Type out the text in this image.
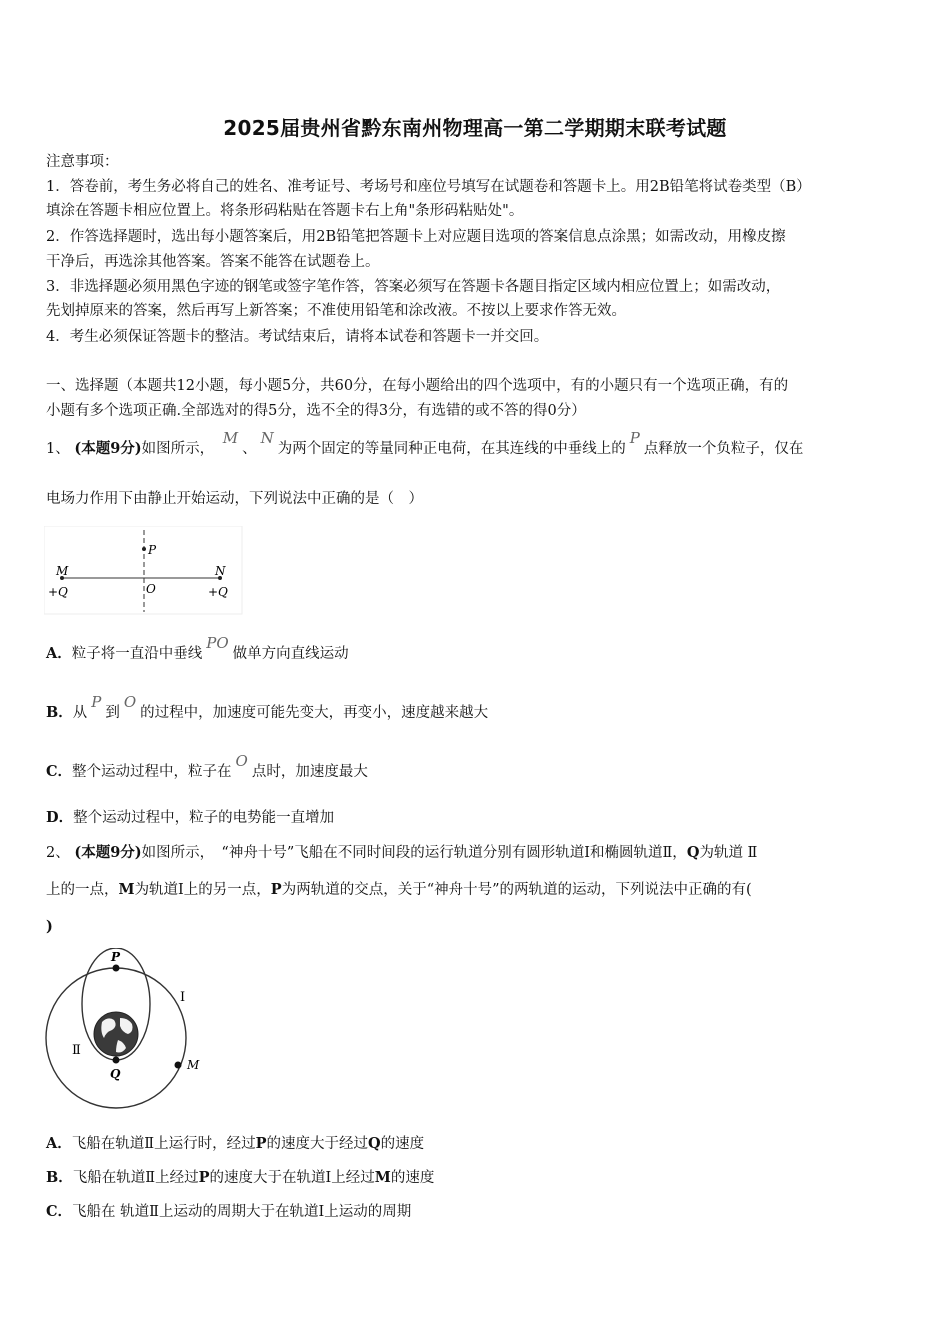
2025届贵州省黔东南州物理高一第二学期期末联考试题
注意事项：
1．答卷前，考生务必将自己的姓名、准考证号、考场号和座位号填写在试题卷和答题卡上。用2B铅笔将试卷类型（B）
填涂在答题卡相应位置上。将条形码粘贴在答题卡右上角"条形码粘贴处"。
2．作答选择题时，选出每小题答案后，用2B铅笔把答题卡上对应题目选项的答案信息点涂黑；如需改动，用橡皮擦
干净后，再选涂其他答案。答案不能答在试题卷上。
3．非选择题必须用黑色字迹的钢笔或签字笔作答，答案必须写在答题卡各题目指定区域内相应位置上；如需改动，
先划掉原来的答案，然后再写上新答案；不准使用铅笔和涂改液。不按以上要求作答无效。
4．考生必须保证答题卡的整洁。考试结束后，请将本试卷和答题卡一并交回。
一、选择题（本题共12小题，每小题5分，共60分，在每小题给出的四个选项中，有的小题只有一个选项正确，有的
小题有多个选项正确.全部选对的得5分，选不全的得3分，有选错的或不答的得0分）
1、 (本题9分)如图所示， M、N为两个固定的等量同种正电荷，在其连线的中垂线上的P点释放一个负粒子，仅在
电场力作用下由静止开始运动，下列说法中正确的是（　）
M	N
P
O
+Q	+Q
A．粒子将一直沿中垂线PO做单方向直线运动
B．从P到O的过程中，加速度可能先变大，再变小，速度越来越大
C．整个运动过程中，粒子在O点时，加速度最大
D．整个运动过程中，粒子的电势能一直增加
2、 (本题9分)如图所示，　“神舟十号”飞船在不同时间段的运行轨道分别有圆形轨道Ⅰ和椭圆轨道Ⅱ，Q为轨道 Ⅱ
上的一点，M为轨道Ⅰ上的另一点，P为两轨道的交点，关于“神舟十号”的两轨道的运动，下列说法中正确的有(
)
P
Q
M
Ⅰ
Ⅱ
A．飞船在轨道Ⅱ上运行时，经过P的速度大于经过Q的速度
B．飞船在轨道Ⅱ上经过P的速度大于在轨道Ⅰ上经过M的速度
C．飞船在 轨道Ⅱ上运动的周期大于在轨道Ⅰ上运动的周期
